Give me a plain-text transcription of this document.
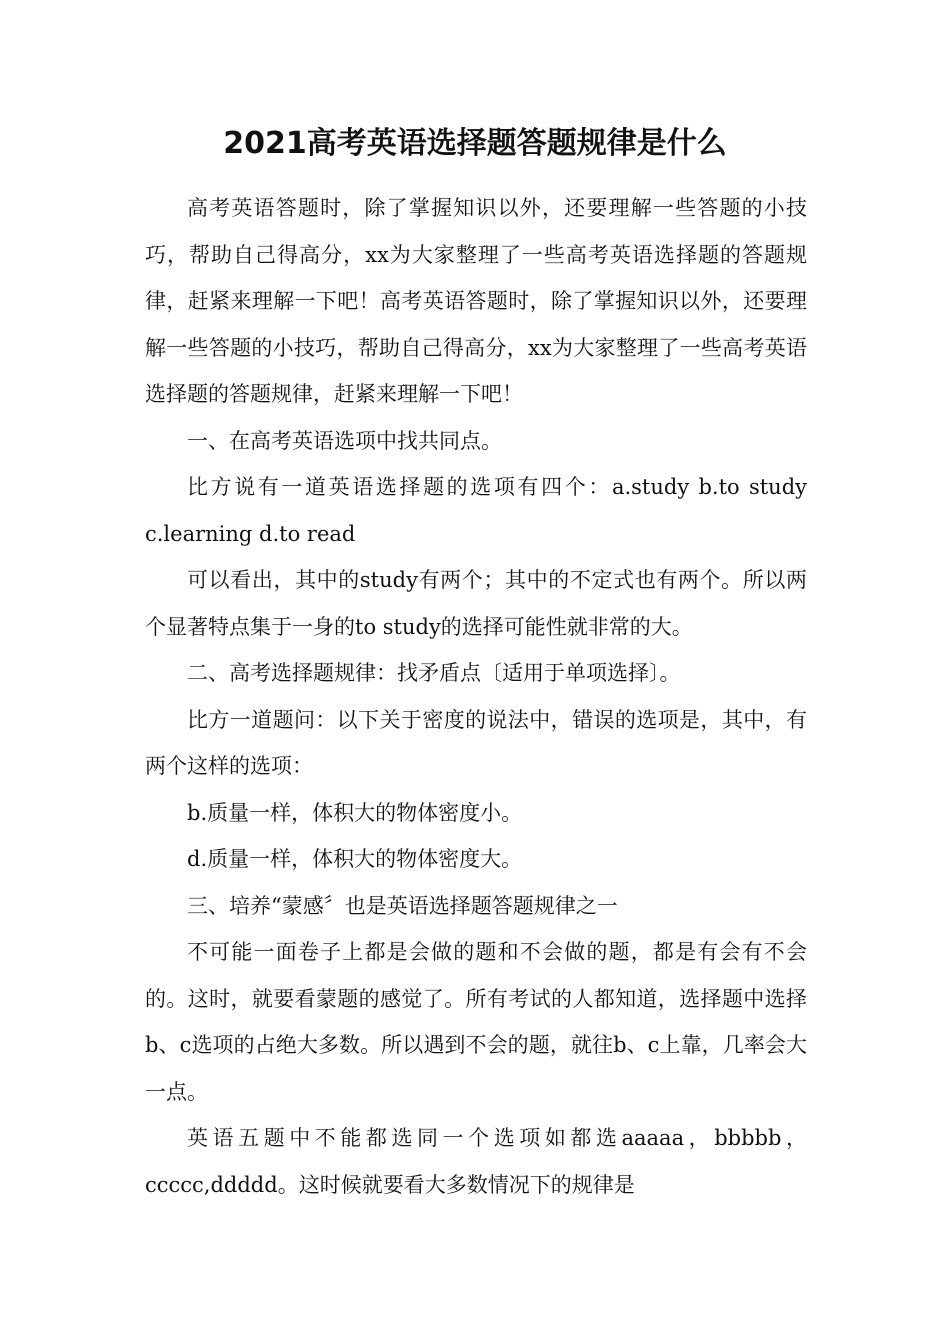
2021高考英语选择题答题规律是什么

高考英语答题时，除了掌握知识以外，还要理解一些答题的小技巧，帮助自己得高分，xx为大家整理了一些高考英语选择题的答题规律，赶紧来理解一下吧！高考英语答题时，除了掌握知识以外，还要理解一些答题的小技巧，帮助自己得高分，xx为大家整理了一些高考英语选择题的答题规律，赶紧来理解一下吧！

一、在高考英语选项中找共同点。

比方说有一道英语选择题的选项有四个：a.study b.to study c.learning d.to read

可以看出，其中的study有两个；其中的不定式也有两个。所以两个显著特点集于一身的to study的选择可能性就非常的大。

二、高考选择题规律：找矛盾点〔适用于单项选择〕。

比方一道题问：以下关于密度的说法中，错误的选项是，其中，有两个这样的选项：

b.质量一样，体积大的物体密度小。

d.质量一样，体积大的物体密度大。

三、培养“蒙感〞也是英语选择题答题规律之一

不可能一面卷子上都是会做的题和不会做的题，都是有会有不会的。这时，就要看蒙题的感觉了。所有考试的人都知道，选择题中选择b、c选项的占绝大多数。所以遇到不会的题，就往b、c上靠，几率会大一点。

英语五题中不能都选同一个选项如都选aaaaa，bbbbb，ccccc,ddddd。这时候就要看大多数情况下的规律是
